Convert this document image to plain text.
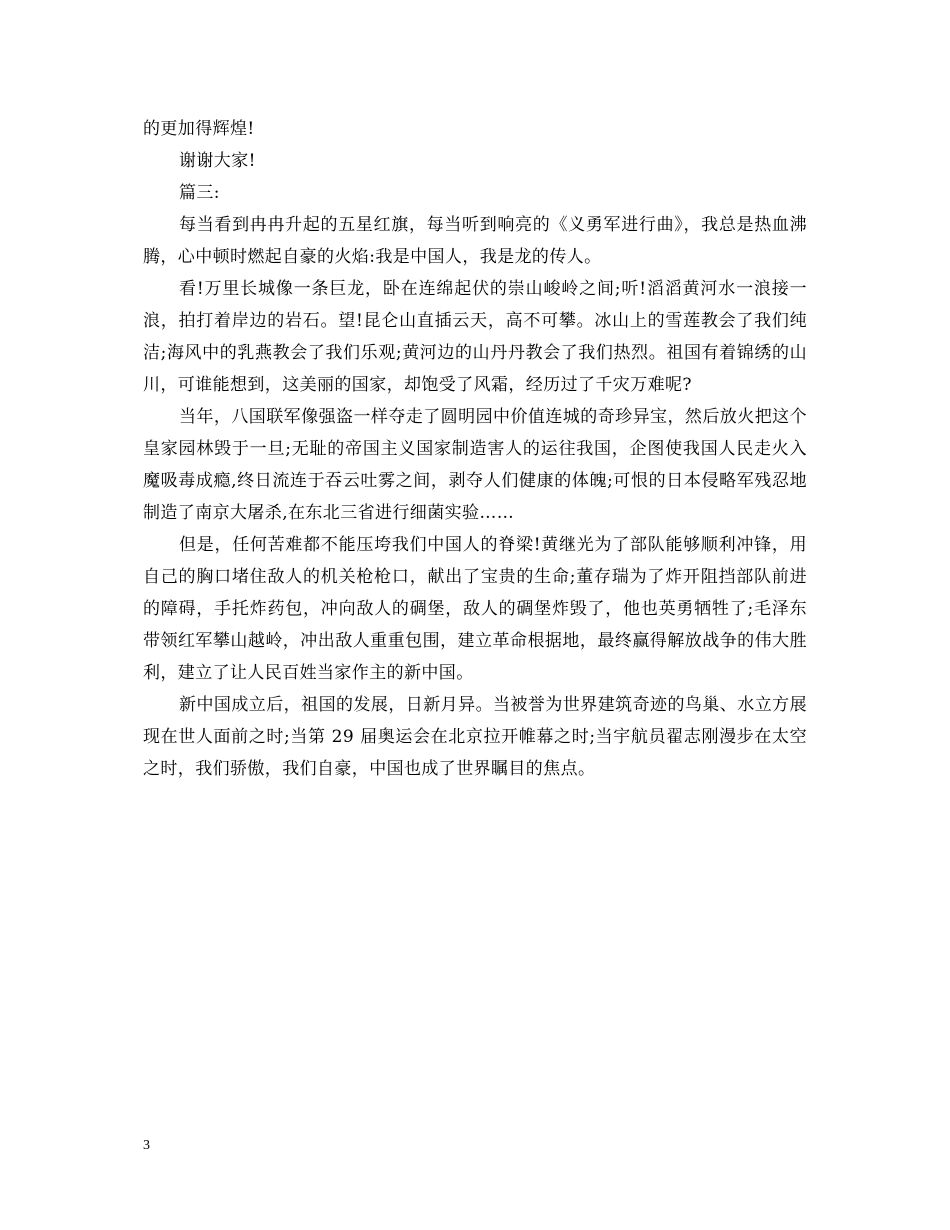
的更加得辉煌!

谢谢大家!

篇三:

每当看到冉冉升起的五星红旗，每当听到响亮的《义勇军进行曲》，我总是热血沸腾，心中顿时燃起自豪的火焰:我是中国人，我是龙的传人。

看!万里长城像一条巨龙，卧在连绵起伏的崇山峻岭之间;听!滔滔黄河水一浪接一浪，拍打着岸边的岩石。望!昆仑山直插云天，高不可攀。冰山上的雪莲教会了我们纯洁;海风中的乳燕教会了我们乐观;黄河边的山丹丹教会了我们热烈。祖国有着锦绣的山川，可谁能想到，这美丽的国家，却饱受了风霜，经历过了千灾万难呢?

当年，八国联军像强盗一样夺走了圆明园中价值连城的奇珍异宝，然后放火把这个皇家园林毁于一旦;无耻的帝国主义国家制造害人的运往我国，企图使我国人民走火入魔吸毒成瘾,终日流连于吞云吐雾之间，剥夺人们健康的体魄;可恨的日本侵略军残忍地制造了南京大屠杀,在东北三省进行细菌实验……

但是，任何苦难都不能压垮我们中国人的脊梁!黄继光为了部队能够顺利冲锋，用自己的胸口堵住敌人的机关枪枪口，献出了宝贵的生命;董存瑞为了炸开阻挡部队前进的障碍，手托炸药包，冲向敌人的碉堡，敌人的碉堡炸毁了，他也英勇牺牲了;毛泽东带领红军攀山越岭，冲出敌人重重包围，建立革命根据地，最终赢得解放战争的伟大胜利，建立了让人民百姓当家作主的新中国。

新中国成立后，祖国的发展，日新月异。当被誉为世界建筑奇迹的鸟巢、水立方展现在世人面前之时;当第 29 届奥运会在北京拉开帷幕之时;当宇航员翟志刚漫步在太空之时，我们骄傲，我们自豪，中国也成了世界瞩目的焦点。

3
